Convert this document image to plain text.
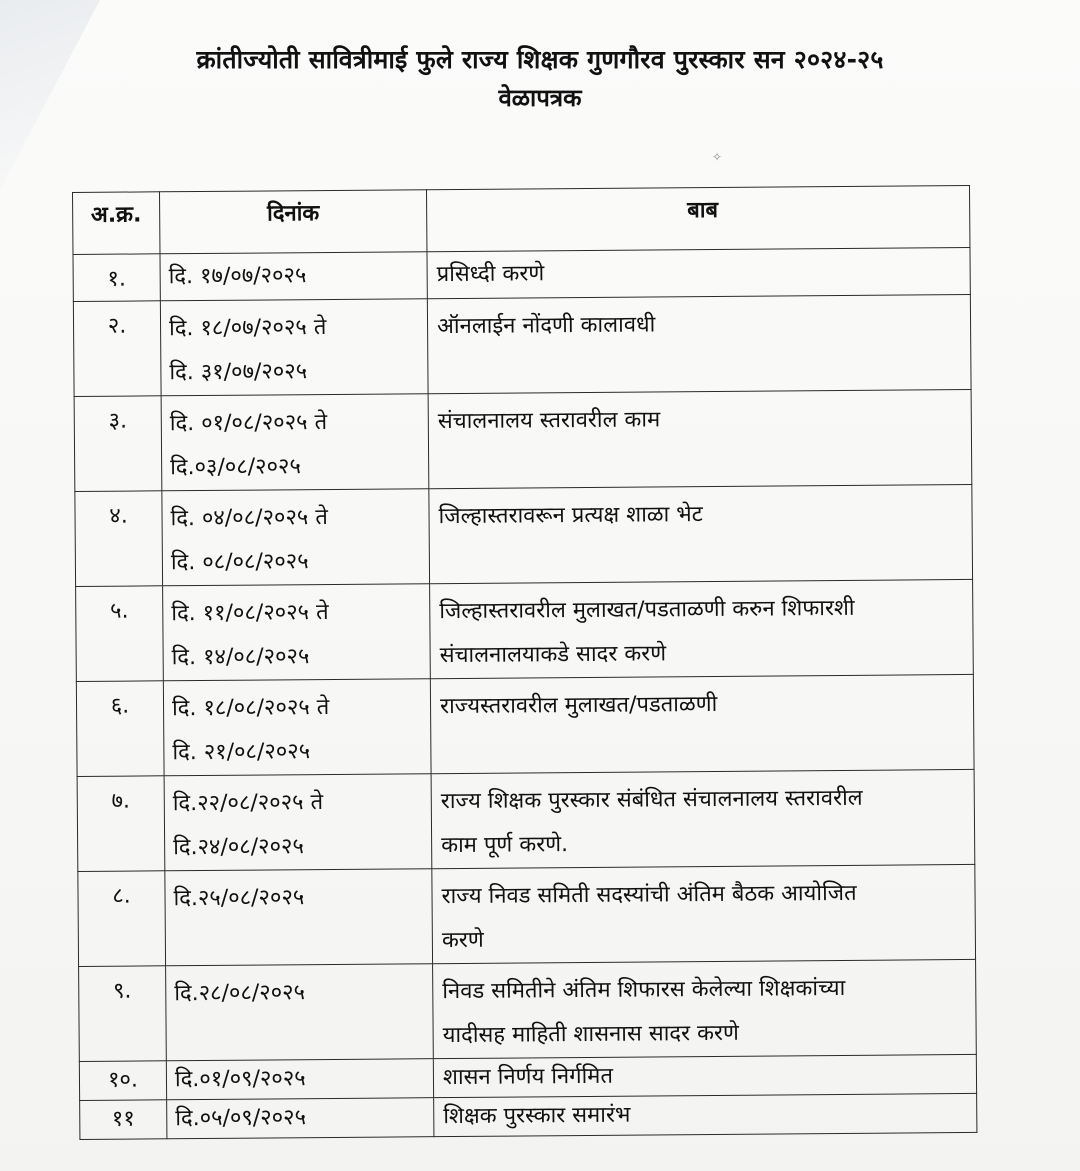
क्रांतीज्योती सावित्रीमाई फुले राज्य शिक्षक गुणगौरव पुरस्कार सन २०२४-२५
वेळापत्रक
✧
अ.क्र.	दिनांक	बाब
१.	दि. १७/०७/२०२५	प्रसिध्दी करणे

२.	दि. १८/०७/२०२५ ते
दि. ३१/०७/२०२५	ऑनलाईन नोंदणी कालावधी

३.	दि. ०१/०८/२०२५ ते
दि.०३/०८/२०२५	संचालनालय स्तरावरील काम

४.	दि. ०४/०८/२०२५ ते
दि. ०८/०८/२०२५	जिल्हास्तरावरून प्रत्यक्ष शाळा भेट

५.	दि. ११/०८/२०२५ ते
दि. १४/०८/२०२५	जिल्हास्तरावरील मुलाखत/पडताळणी करुन शिफारशी
संचालनालयाकडे सादर करणे

६.	दि. १८/०८/२०२५ ते
दि. २१/०८/२०२५	राज्यस्तरावरील मुलाखत/पडताळणी

७.	दि.२२/०८/२०२५ ते
दि.२४/०८/२०२५	राज्य शिक्षक पुरस्कार संबंधित संचालनालय स्तरावरील
काम पूर्ण करणे.

८.	दि.२५/०८/२०२५	राज्य निवड समिती सदस्यांची अंतिम बैठक आयोजित
करणे

९.	दि.२८/०८/२०२५	निवड समितीने अंतिम शिफारस केलेल्या शिक्षकांच्या
यादीसह माहिती शासनास सादर करणे

१०.	दि.०१/०९/२०२५	शासन निर्णय निर्गमित

११	दि.०५/०९/२०२५	शिक्षक पुरस्कार समारंभ
